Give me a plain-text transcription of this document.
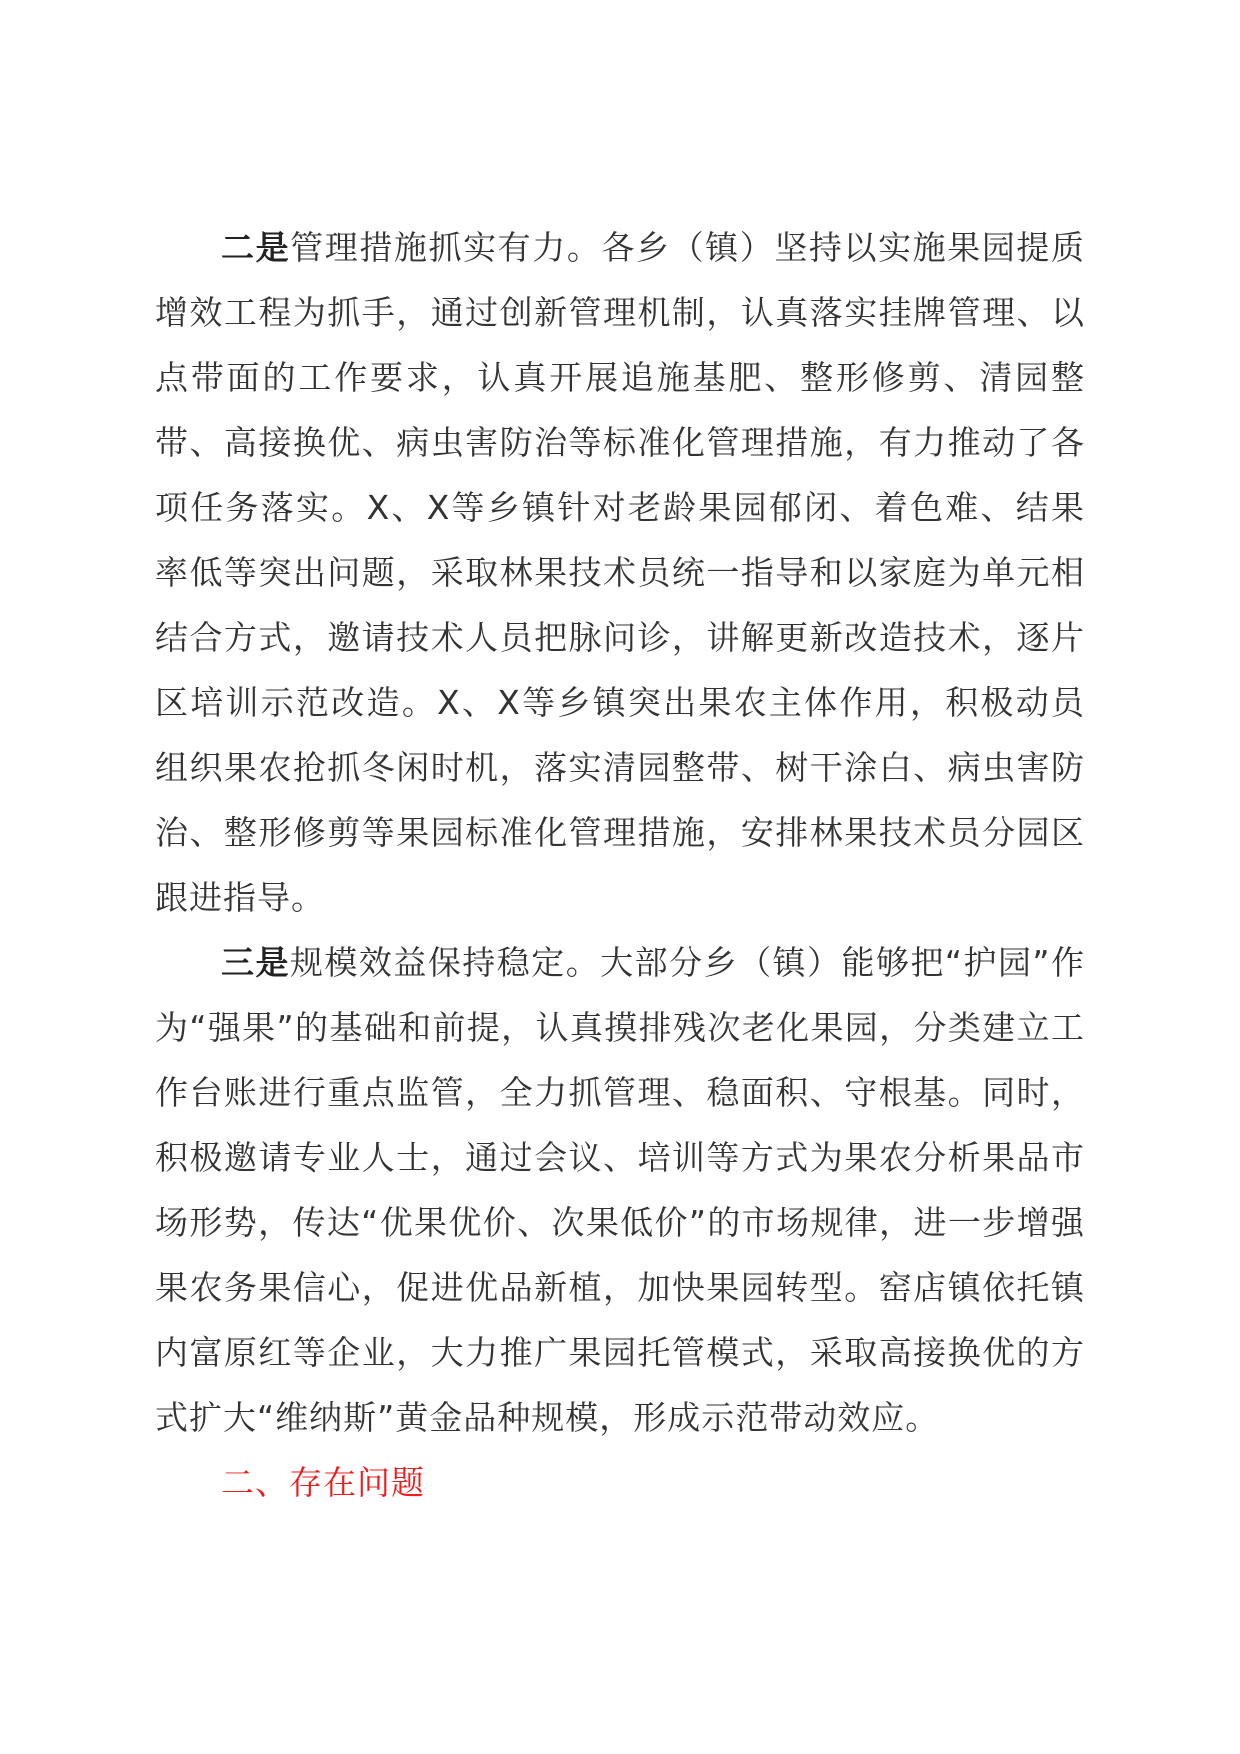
二是管理措施抓实有力。各乡（镇）坚持以实施果园提质增效工程为抓手，通过创新管理机制，认真落实挂牌管理、以点带面的工作要求，认真开展追施基肥、整形修剪、清园整带、高接换优、病虫害防治等标准化管理措施，有力推动了各项任务落实。X、X等乡镇针对老龄果园郁闭、着色难、结果率低等突出问题，采取林果技术员统一指导和以家庭为单元相结合方式，邀请技术人员把脉问诊，讲解更新改造技术，逐片区培训示范改造。X、X等乡镇突出果农主体作用，积极动员组织果农抢抓冬闲时机，落实清园整带、树干涂白、病虫害防治、整形修剪等果园标准化管理措施，安排林果技术员分园区跟进指导。

三是规模效益保持稳定。大部分乡（镇）能够把“护园”作为“强果”的基础和前提，认真摸排残次老化果园，分类建立工作台账进行重点监管，全力抓管理、稳面积、守根基。同时，积极邀请专业人士，通过会议、培训等方式为果农分析果品市场形势，传达“优果优价、次果低价”的市场规律，进一步增强果农务果信心，促进优品新植，加快果园转型。窑店镇依托镇内富原红等企业，大力推广果园托管模式，采取高接换优的方式扩大“维纳斯”黄金品种规模，形成示范带动效应。

二、存在问题
